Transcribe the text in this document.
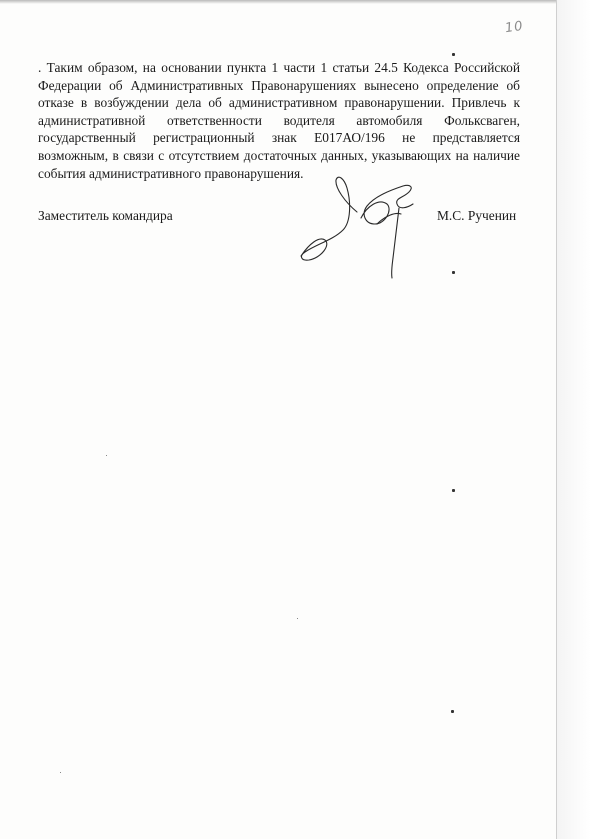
10

. Таким образом, на основании пункта 1 части 1 статьи 24.5 Кодекса Российской Федерации об Административных Правонарушениях вынесено определение об отказе в возбуждении дела об административном правонарушении. Привлечь к административной ответственности водителя автомобиля Фольксваген, государственный регистрационный знак Е017АО/196 не представляется возможным, в связи с отсутствием достаточных данных, указывающих на наличие события административного правонарушения.

Заместитель командира	М.С. Рученин
